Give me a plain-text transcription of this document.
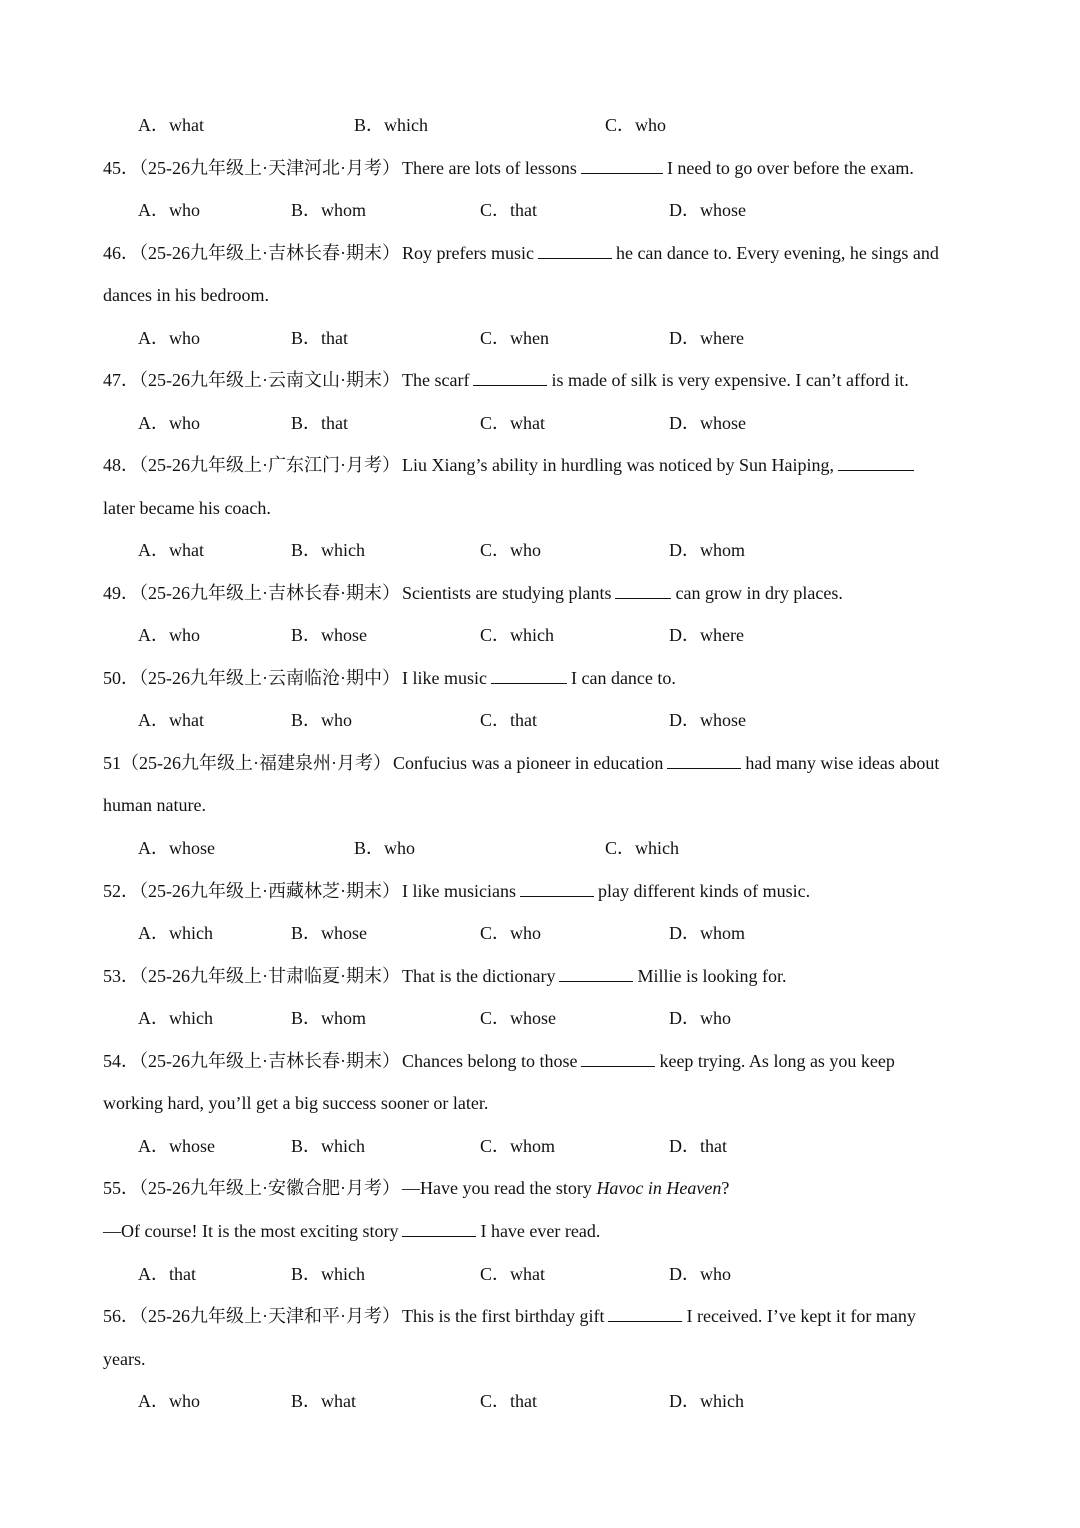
A．what	B．which	C．who
45．（25-26九年级上·天津河北·月考） There are lots of lessons	I need to go over before the exam.
A．who	B．whom	C．that	D．whose
46．（25-26九年级上·吉林长春·期末） Roy prefers music	he can dance to. Every evening, he sings and
dances in his bedroom.
A．who	B．that	C．when	D．where
47．（25-26九年级上·云南文山·期末） The scarf	is made of silk is very expensive. I can’t afford it.
A．who	B．that	C．what	D．whose
48．（25-26九年级上·广东江门·月考） Liu Xiang’s ability in hurdling was noticed by Sun Haiping,
later became his coach.
A．what	B．which	C．who	D．whom
49．（25-26九年级上·吉林长春·期末） Scientists are studying plants	can grow in dry places.
A．who	B．whose	C．which	D．where
50．（25-26九年级上·云南临沧·期中） I like music	I can dance to.
A．what	B．who	C．that	D．whose
51（25-26九年级上·福建泉州·月考） Confucius was a pioneer in education	had many wise ideas about
human nature.
A．whose	B．who	C．which
52．（25-26九年级上·西藏林芝·期末） I like musicians	play different kinds of music.
A．which	B．whose	C．who	D．whom
53．（25-26九年级上·甘肃临夏·期末） That is the dictionary	Millie is looking for.
A．which	B．whom	C．whose	D．who
54．（25-26九年级上·吉林长春·期末） Chances belong to those	keep trying. As long as you keep
working hard, you’ll get a big success sooner or later.
A．whose	B．which	C．whom	D．that
55．（25-26九年级上·安徽合肥·月考） —Have you read the story Havoc in Heaven?
—Of course! It is the most exciting story	I have ever read.
A．that	B．which	C．what	D．who
56．（25-26九年级上·天津和平·月考） This is the first birthday gift	I received. I’ve kept it for many
years.
A．who	B．what	C．that	D．which
